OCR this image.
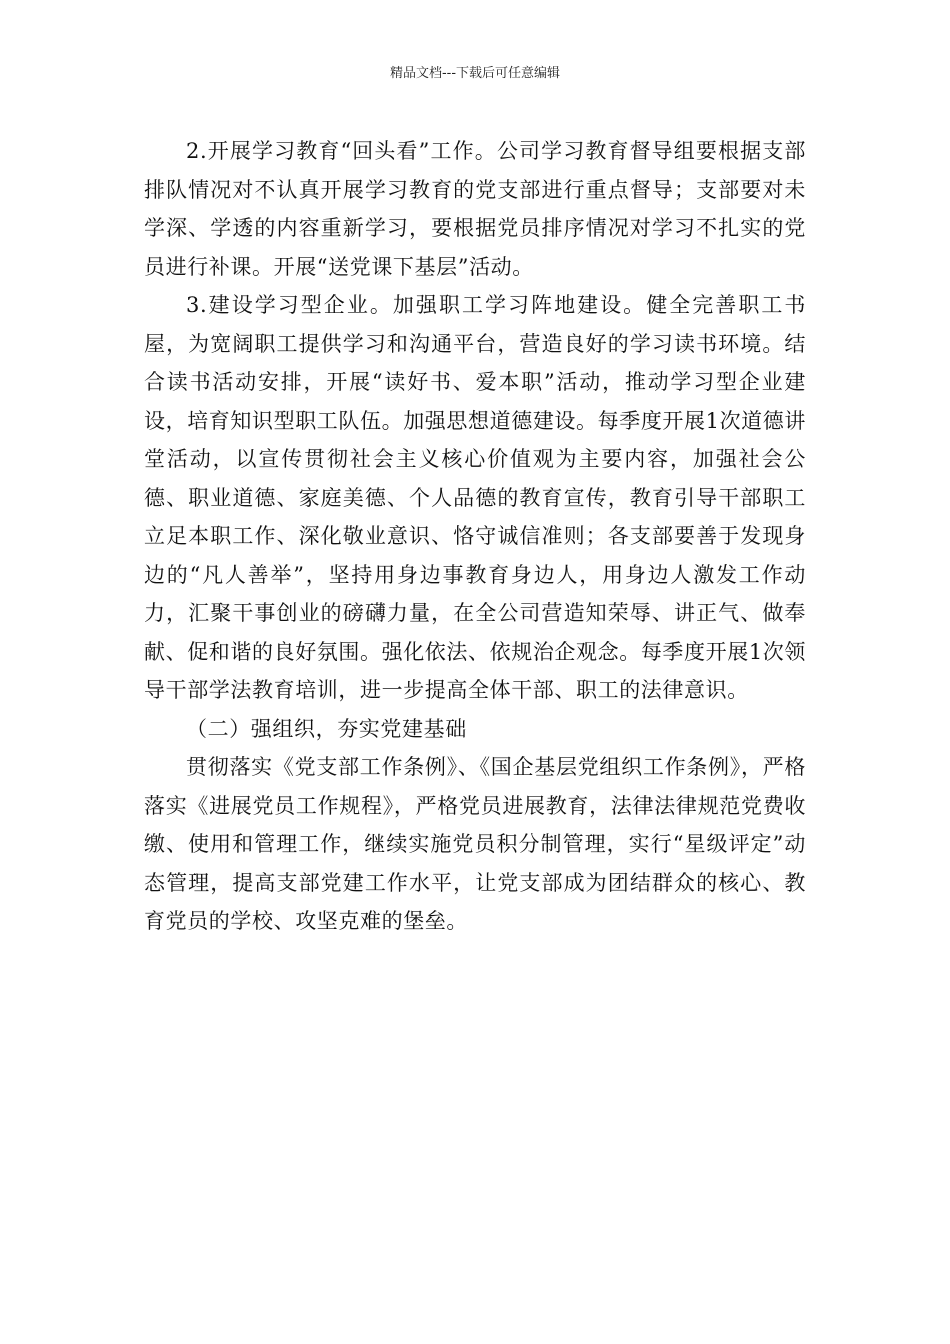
精品文档---下载后可任意编辑

2.开展学习教育“回头看”工作。公司学习教育督导组要根据支部排队情况对不认真开展学习教育的党支部进行重点督导；支部要对未学深、学透的内容重新学习，要根据党员排序情况对学习不扎实的党员进行补课。开展“送党课下基层”活动。

3.建设学习型企业。加强职工学习阵地建设。健全完善职工书屋，为宽阔职工提供学习和沟通平台，营造良好的学习读书环境。结合读书活动安排，开展“读好书、爱本职”活动，推动学习型企业建设，培育知识型职工队伍。加强思想道德建设。每季度开展1次道德讲堂活动，以宣传贯彻社会主义核心价值观为主要内容，加强社会公德、职业道德、家庭美德、个人品德的教育宣传，教育引导干部职工立足本职工作、深化敬业意识、恪守诚信准则；各支部要善于发现身边的“凡人善举”，坚持用身边事教育身边人，用身边人激发工作动力，汇聚干事创业的磅礴力量，在全公司营造知荣辱、讲正气、做奉献、促和谐的良好氛围。强化依法、依规治企观念。每季度开展1次领导干部学法教育培训，进一步提高全体干部、职工的法律意识。

（二）强组织，夯实党建基础

贯彻落实《党支部工作条例》、《国企基层党组织工作条例》，严格落实《进展党员工作规程》，严格党员进展教育，法律法律规范党费收缴、使用和管理工作，继续实施党员积分制管理，实行“星级评定”动态管理，提高支部党建工作水平，让党支部成为团结群众的核心、教育党员的学校、攻坚克难的堡垒。
